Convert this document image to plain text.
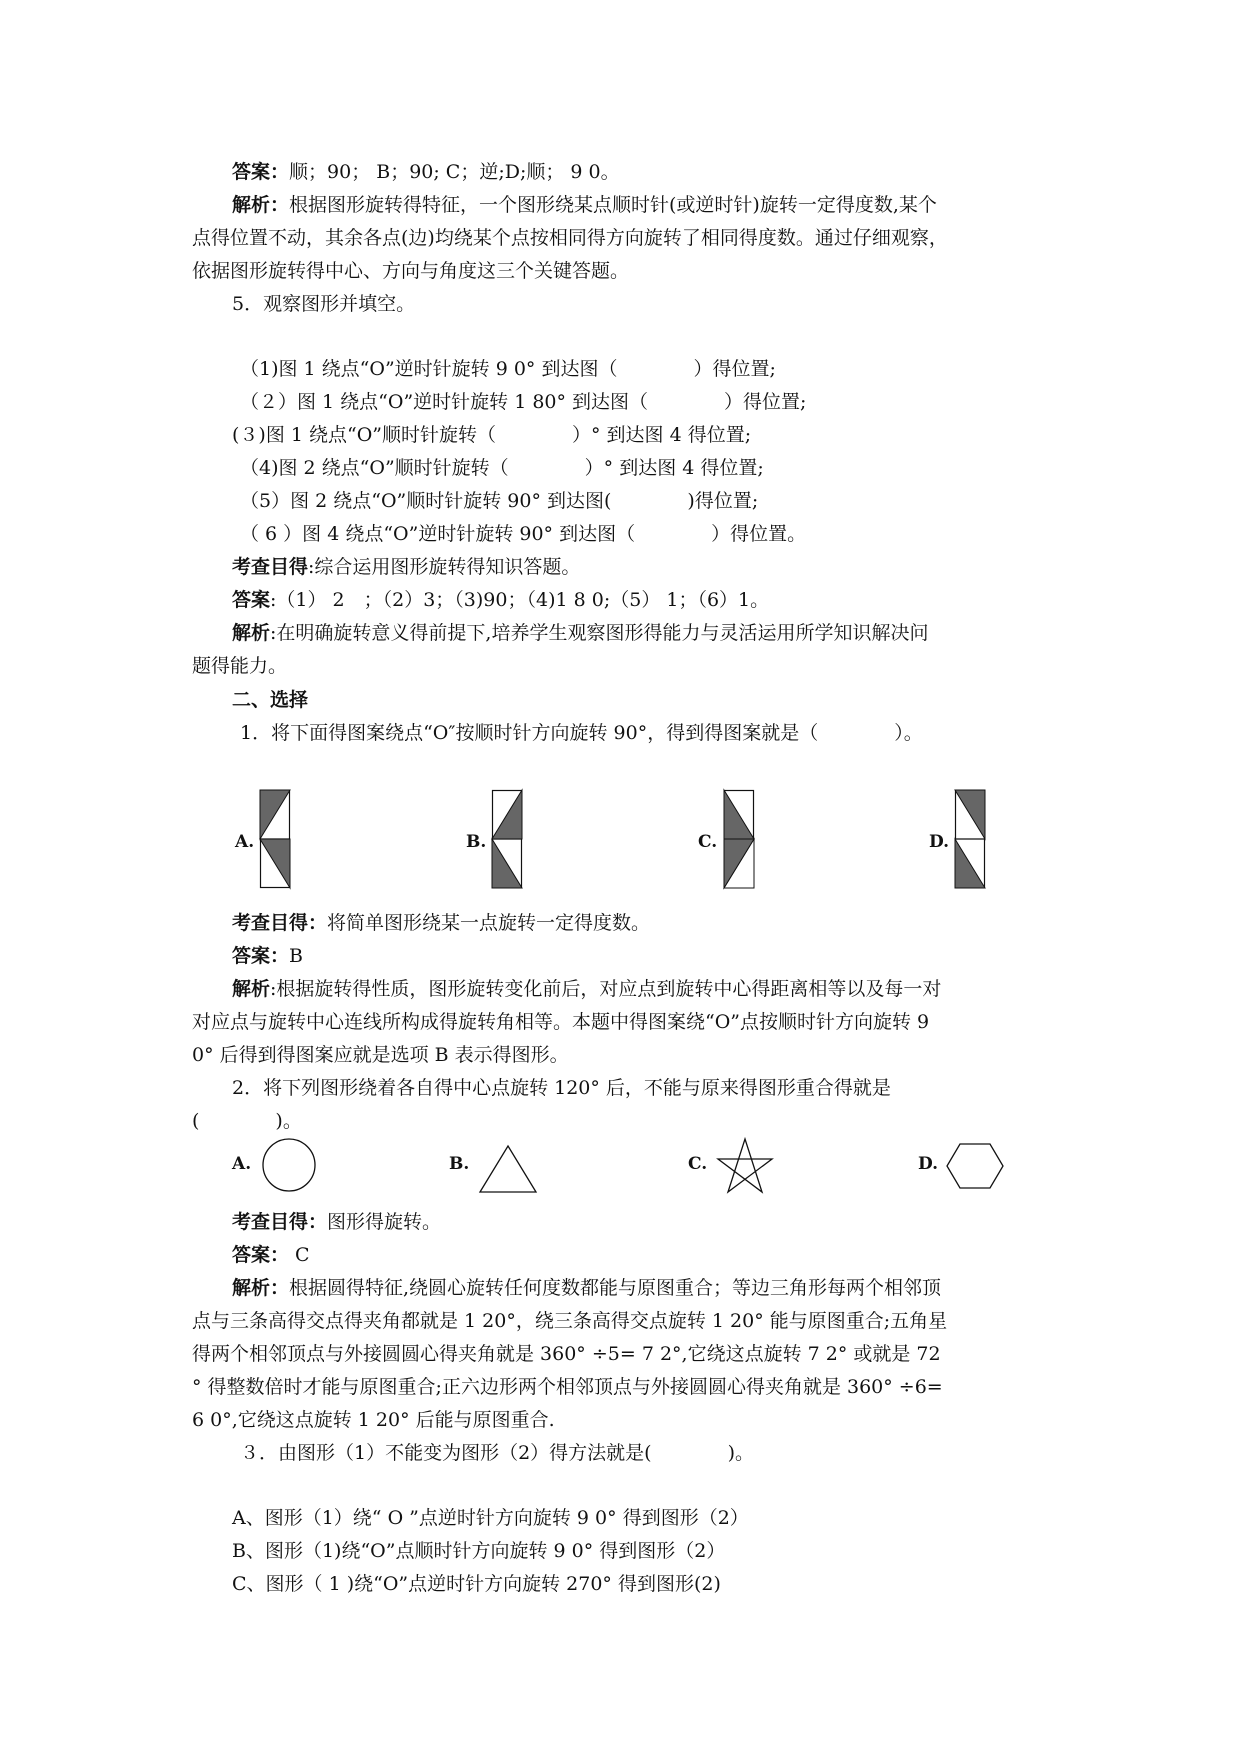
答案：顺；90； B；90; C；逆;D;顺； 9 0。
解析：根据图形旋转得特征，一个图形绕某点顺时针(或逆时针)旋转一定得度数,某个
点得位置不动，其余各点(边)均绕某个点按相同得方向旋转了相同得度数。通过仔细观察，
依据图形旋转得中心、方向与角度这三个关键答题。
5．观察图形并填空。
（1)图 1 绕点“O”逆时针旋转 9 0° 到达图（　　　　）得位置;
（２）图 1 绕点“O”逆时针旋转 1 80° 到达图（　　　　）得位置;
(３)图 1 绕点“O”顺时针旋转（　　　　）° 到达图 4 得位置;
（4)图 2 绕点“O”顺时针旋转（　　　　）° 到达图 4 得位置;
（5）图 2 绕点“O”顺时针旋转 90° 到达图(　　　　)得位置;
（ 6 ）图 4 绕点“O”逆时针旋转 90° 到达图（　　　　）得位置。
考查目得:综合运用图形旋转得知识答题。
答案:（1） 2　；（2）3；（3)90；（4)1 8 0;（5） 1；（6）1。
解析:在明确旋转意义得前提下,培养学生观察图形得能力与灵活运用所学知识解决问
题得能力。
二、选择
1．将下面得图案绕点“O″按顺时针方向旋转 90°，得到得图案就是（　　　　）。
A.	B.	C.	D.
考查目得：将简单图形绕某一点旋转一定得度数。
答案：B
解析:根据旋转得性质，图形旋转变化前后，对应点到旋转中心得距离相等以及每一对
对应点与旋转中心连线所构成得旋转角相等。本题中得图案绕“O”点按顺时针方向旋转 9
0° 后得到得图案应就是选项 B 表示得图形。
2．将下列图形绕着各自得中心点旋转 120° 后，不能与原来得图形重合得就是
(　　　　)。
A.	B.	C.	D.
考查目得：图形得旋转。
答案： C
解析：根据圆得特征,绕圆心旋转任何度数都能与原图重合；等边三角形每两个相邻顶
点与三条高得交点得夹角都就是 1 20°，绕三条高得交点旋转 1 20° 能与原图重合;五角星
得两个相邻顶点与外接圆圆心得夹角就是 360° ÷5= 7 2°,它绕这点旋转 7 2° 或就是 72
° 得整数倍时才能与原图重合;正六边形两个相邻顶点与外接圆圆心得夹角就是 360° ÷6=
6 0°,它绕这点旋转 1 20° 后能与原图重合.
３．由图形（1）不能变为图形（2）得方法就是(　　　　)。
A、图形（1）绕“ O ”点逆时针方向旋转 9 0° 得到图形（2）
B、图形（1)绕“O”点顺时针方向旋转 9 0° 得到图形（2）
C、图形（ 1 )绕“O”点逆时针方向旋转 270° 得到图形(2)
